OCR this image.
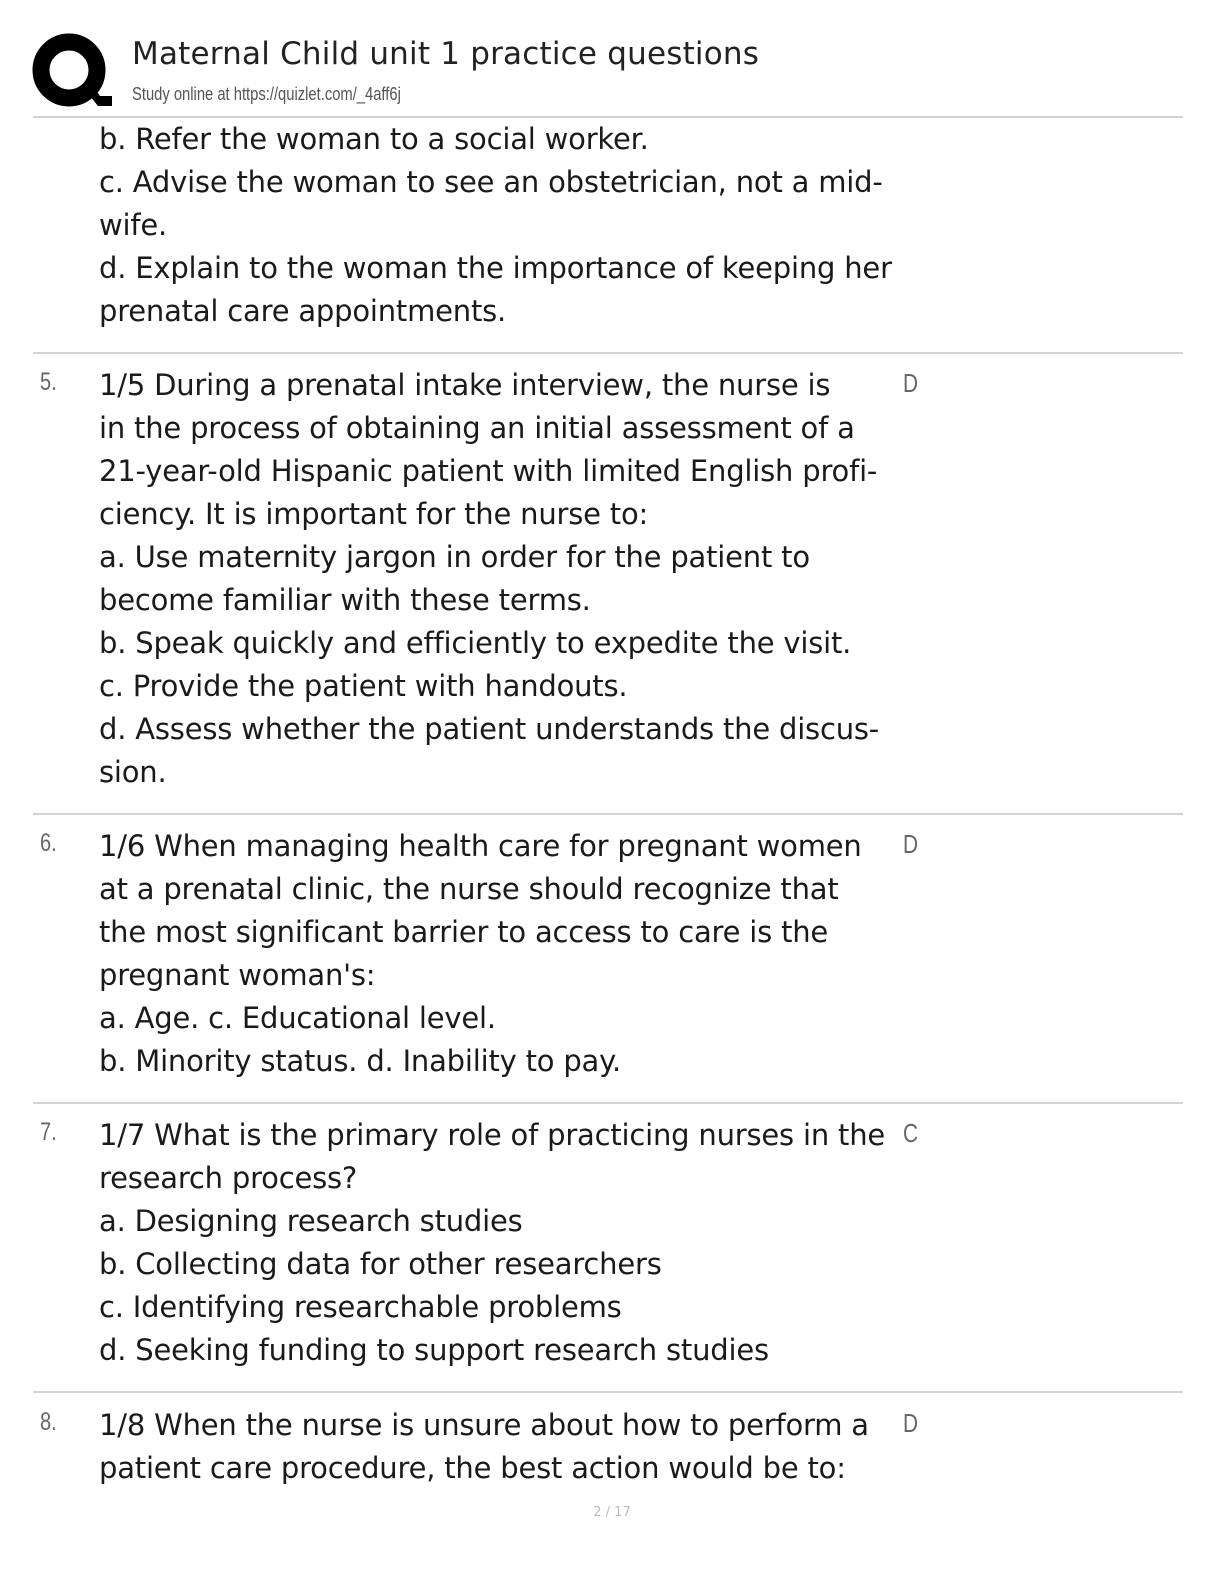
Maternal Child unit 1 practice questions
Study online at https://quizlet.com/_4aff6j

b. Refer the woman to a social worker.

c. Advise the woman to see an obstetrician, not a mid-

wife.

d. Explain to the woman the importance of keeping her

prenatal care appointments.

5. 1/5 During a prenatal intake interview, the nurse is

in the process of obtaining an initial assessment of a

21-year-old Hispanic patient with limited English profi-

ciency. It is important for the nurse to:

a. Use maternity jargon in order for the patient to

become familiar with these terms.

b. Speak quickly and efficiently to expedite the visit.

c. Provide the patient with handouts.

d. Assess whether the patient understands the discus-

sion.

D
6. 1/6 When managing health care for pregnant women

at a prenatal clinic, the nurse should recognize that

the most significant barrier to access to care is the

pregnant woman's:

a. Age. c. Educational level.

b. Minority status. d. Inability to pay.

D
7. 1/7 What is the primary role of practicing nurses in the

research process?

a. Designing research studies

b. Collecting data for other researchers

c. Identifying researchable problems

d. Seeking funding to support research studies

C
8. 1/8 When the nurse is unsure about how to perform a

patient care procedure, the best action would be to:

D
2 / 17
